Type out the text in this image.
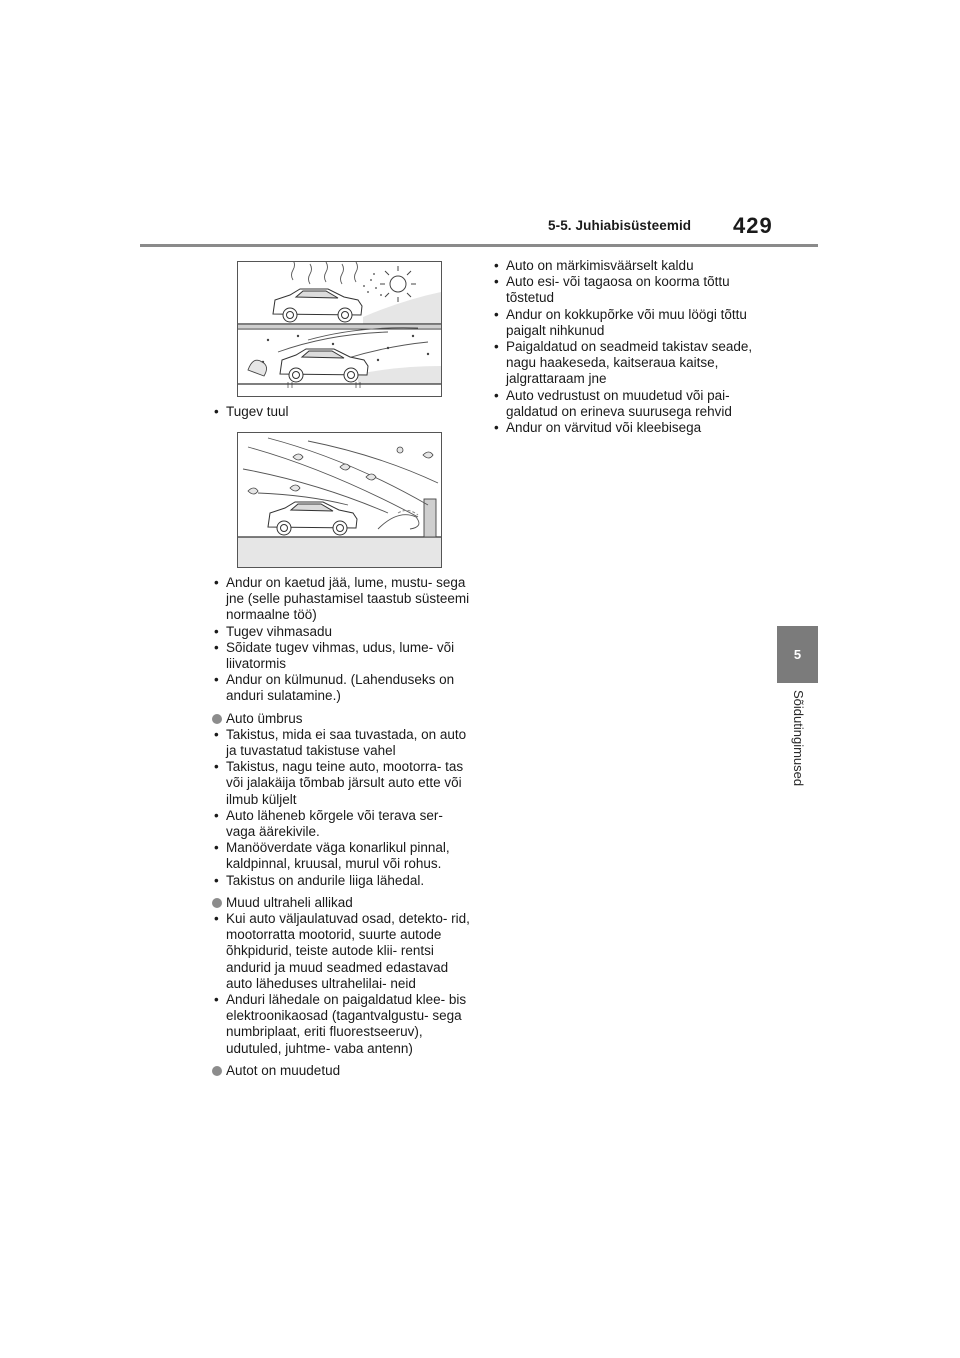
5-5. Juhiabisüsteemid 429
5
Sõidutingimused
• Tugev tuul
• Andur on kaetud jää, lume, mustu- sega jne (selle puhastamisel taastub süsteemi normaalne töö)
• Tugev vihmasadu
• Sõidate tugev vihmas, udus, lume- või liivatormis
• Andur on külmunud. (Lahenduseks on anduri sulatamine.)
Auto ümbrus
• Takistus, mida ei saa tuvastada, on auto ja tuvastatud takistuse vahel
• Takistus, nagu teine auto, mootorra- tas või jalakäija tõmbab järsult auto ette või ilmub küljelt
• Auto läheneb kõrgele või terava ser- vaga äärekivile.
• Manööverdate väga konarlikul pinnal, kaldpinnal, kruusal, murul või rohus.
• Takistus on andurile liiga lähedal.
Muud ultraheli allikad
• Kui auto väljaulatuvad osad, detekto- rid, mootorratta mootorid, suurte autode õhkpidurid, teiste autode klii- rentsi andurid ja muud seadmed edastavad auto läheduses ultrahelilai- neid
• Anduri lähedale on paigaldatud klee- bis elektroonikaosad (tagantvalgustu- sega numbriplaat, eriti fluorestseeruv), udutuled, juhtme- vaba antenn)
Autot on muudetud
• Auto on märkimisväärselt kaldu
• Auto esi- või tagaosa on koorma tõttu tõstetud
• Andur on kokkupõrke või muu löögi tõttu paigalt nihkunud
• Paigaldatud on seadmeid takistav seade, nagu haakeseda, kaitseraua kaitse, jalgrattaraam jne
• Auto vedrustust on muudetud või pai- galdatud on erineva suurusega rehvid
• Andur on värvitud või kleebisega
